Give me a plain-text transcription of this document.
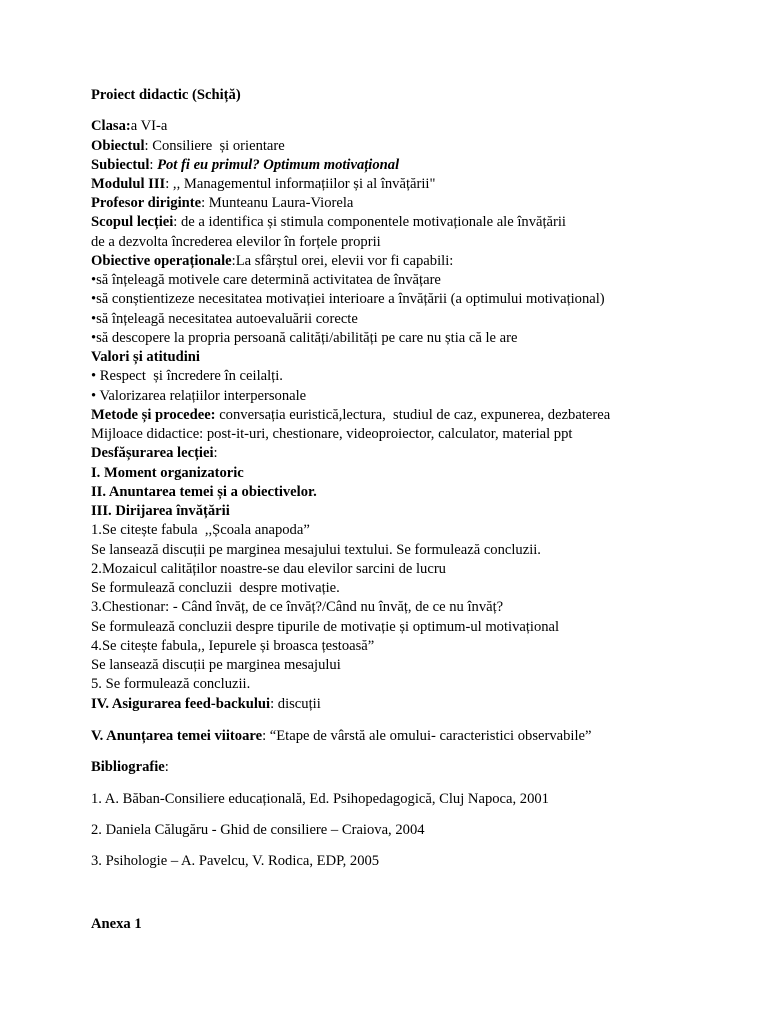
Proiect didactic (Schiță)
Clasa:a VI-a
Obiectul: Consiliere  și orientare
Subiectul: Pot fi eu primul? Optimum motivațional
Modulul III: ,, Managementul informațiilor și al învățării"
Profesor diriginte: Munteanu Laura-Viorela
Scopul lecției: de a identifica și stimula componentele motivaționale ale învățării
de a dezvolta încrederea elevilor în forțele proprii
Obiective operaționale:La sfârștul orei, elevii vor fi capabili:
•să înțeleagă motivele care determină activitatea de învățare
•să conștientizeze necesitatea motivației interioare a învățării (a optimului motivațional)
•să înțeleagă necesitatea autoevaluării corecte
•să descopere la propria persoană calități/abilități pe care nu știa că le are
Valori și atitudini
• Respect  și încredere în ceilalți.
• Valorizarea relațiilor interpersonale
Metode și procedee: conversația euristică,lectura,  studiul de caz, expunerea, dezbaterea
Mijloace didactice: post-it-uri, chestionare, videoproiector, calculator, material ppt
Desfășurarea lecției:
I. Moment organizatoric
II. Anuntarea temei și a obiectivelor.
III. Dirijarea învățării
1.Se citește fabula  ,,Școala anapoda”
Se lansează discuții pe marginea mesajului textului. Se formulează concluzii.
2.Mozaicul calităților noastre-se dau elevilor sarcini de lucru
Se formulează concluzii  despre motivație.
3.Chestionar: - Când învăț, de ce învăț?/Când nu învăț, de ce nu învăț?
Se formulează concluzii despre tipurile de motivație și optimum-ul motivațional
4.Se citește fabula,, Iepurele și broasca țestoasă”
Se lansează discuții pe marginea mesajului
5. Se formulează concluzii.
IV. Asigurarea feed-backului: discuții
V. Anunțarea temei viitoare: “Etape de vârstă ale omului- caracteristici observabile”
Bibliografie:
1. A. Băban-Consiliere educațională, Ed. Psihopedagogică, Cluj Napoca, 2001
2. Daniela Călugăru - Ghid de consiliere – Craiova, 2004
3. Psihologie – A. Pavelcu, V. Rodica, EDP, 2005
Anexa 1
